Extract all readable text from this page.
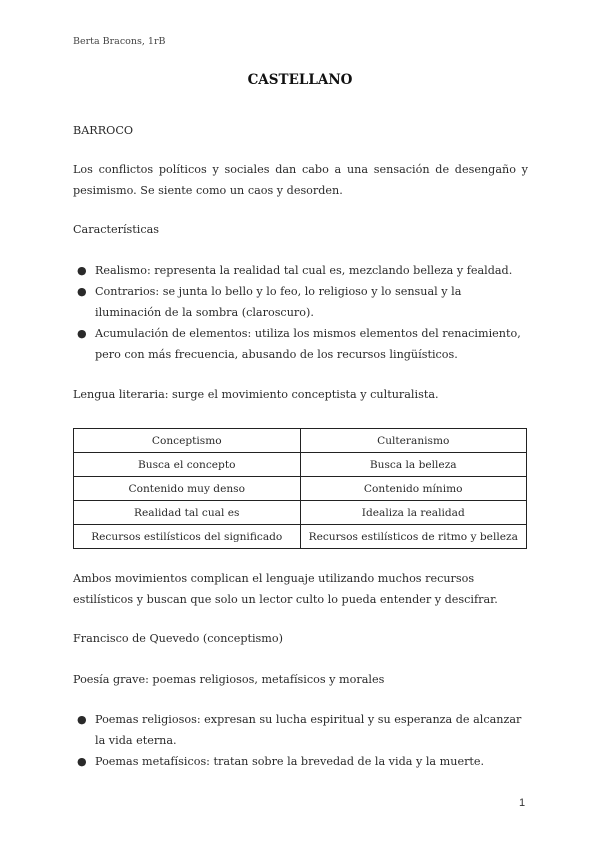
Berta Bracons, 1rB
CASTELLANO
BARROCO
Los conflictos políticos y sociales dan cabo a una sensación de desengaño y pesimismo. Se siente como un caos y desorden.
Características
● Realismo: representa la realidad tal cual es, mezclando belleza y fealdad.
● Contrarios: se junta lo bello y lo feo, lo religioso y lo sensual y la iluminación de la sombra (claroscuro).
● Acumulación de elementos: utiliza los mismos elementos del renacimiento, pero con más frecuencia, abusando de los recursos lingüísticos.
Lengua literaria: surge el movimiento conceptista y culturalista.
Conceptismo	Culteranismo
Busca el concepto	Busca la belleza
Contenido muy denso	Contenido mínimo
Realidad tal cual es	Idealiza la realidad
Recursos estilísticos del significado	Recursos estilísticos de ritmo y belleza
Ambos movimientos complican el lenguaje utilizando muchos recursos estilísticos y buscan que solo un lector culto lo pueda entender y descifrar.
Francisco de Quevedo (conceptismo)
Poesía grave: poemas religiosos, metafísicos y morales
● Poemas religiosos: expresan su lucha espiritual y su esperanza de alcanzar la vida eterna.
● Poemas metafísicos: tratan sobre la brevedad de la vida y la muerte.
1
